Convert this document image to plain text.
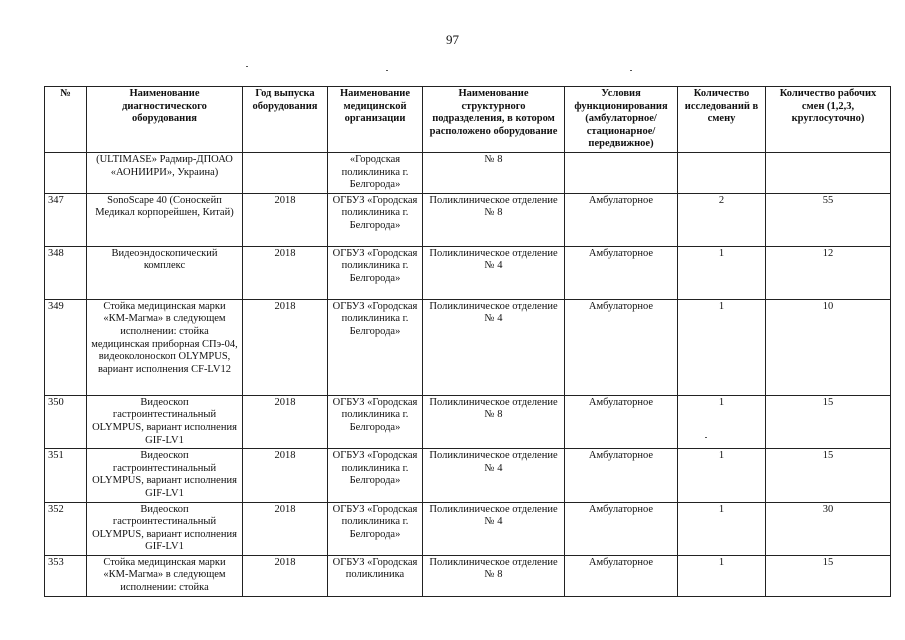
97
№	Наименование диагностического оборудования	Год выпуска оборудования	Наименование медицинской организации	Наименование структурного подразделения, в котором расположено оборудование	Условия функционирования (амбулаторное/ стационарное/ передвижное)	Количество исследований в смену	Количество рабочих смен (1,2,3, круглосуточно)
	(ULTIMASE» Радмир-ДПОАО «АОНИИРИ», Украина)		«Городская поликлиника г. Белгорода»	№ 8			
347	SonoScape 40 (Соноскейп Медикал корпорейшен, Китай)	2018	ОГБУЗ «Городская поликлиника г. Белгорода»	Поликлиническое отделение № 8	Амбулаторное	2	55
348	Видеоэндоскопический комплекс	2018	ОГБУЗ «Городская поликлиника г. Белгорода»	Поликлиническое отделение № 4	Амбулаторное	1	12
349	Стойка медицинская марки «КМ-Магма» в следующем исполнении: стойка медицинская приборная СПэ-04, видеоколоноскоп OLYMPUS, вариант исполнения CF-LV12	2018	ОГБУЗ «Городская поликлиника г. Белгорода»	Поликлиническое отделение № 4	Амбулаторное	1	10
350	Видеоскоп гастроинтестинальный OLYMPUS, вариант исполнения GIF-LV1	2018	ОГБУЗ «Городская поликлиника г. Белгорода»	Поликлиническое отделение № 8	Амбулаторное	1	15
351	Видеоскоп гастроинтестинальный OLYMPUS, вариант исполнения GIF-LV1	2018	ОГБУЗ «Городская поликлиника г. Белгорода»	Поликлиническое отделение № 4	Амбулаторное	1	15
352	Видеоскоп гастроинтестинальный OLYMPUS, вариант исполнения GIF-LV1	2018	ОГБУЗ «Городская поликлиника г. Белгорода»	Поликлиническое отделение № 4	Амбулаторное	1	30
353	Стойка медицинская марки «КМ-Магма» в следующем исполнении: стойка	2018	ОГБУЗ «Городская поликлиника	Поликлиническое отделение № 8	Амбулаторное	1	15
